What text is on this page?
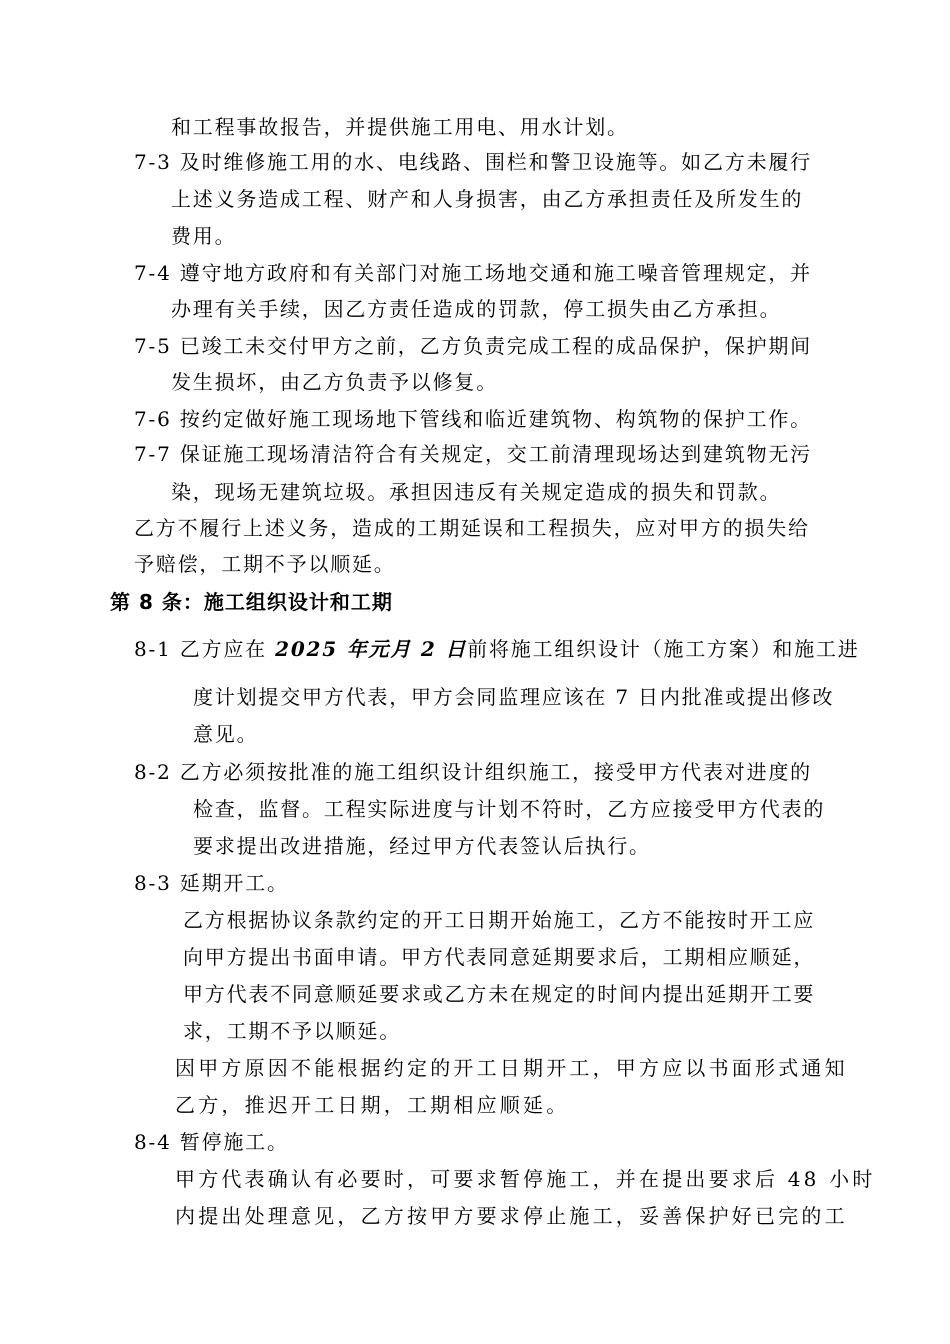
和工程事故报告，并提供施工用电、用水计划。
7-3 及时维修施工用的水、电线路、围栏和警卫设施等。如乙方未履行
上述义务造成工程、财产和人身损害，由乙方承担责任及所发生的
费用。
7-4 遵守地方政府和有关部门对施工场地交通和施工噪音管理规定，并
办理有关手续，因乙方责任造成的罚款，停工损失由乙方承担。
7-5 已竣工未交付甲方之前，乙方负责完成工程的成品保护，保护期间
发生损坏，由乙方负责予以修复。
7-6 按约定做好施工现场地下管线和临近建筑物、构筑物的保护工作。
7-7 保证施工现场清洁符合有关规定，交工前清理现场达到建筑物无污
染，现场无建筑垃圾。承担因违反有关规定造成的损失和罚款。
乙方不履行上述义务，造成的工期延误和工程损失，应对甲方的损失给
予赔偿，工期不予以顺延。
第 8 条：施工组织设计和工期
8-1 乙方应在 2025 年元月 2 日前将施工组织设计（施工方案）和施工进
度计划提交甲方代表，甲方会同监理应该在 7 日内批准或提出修改
意见。
8-2 乙方必须按批准的施工组织设计组织施工，接受甲方代表对进度的
检查，监督。工程实际进度与计划不符时，乙方应接受甲方代表的
要求提出改进措施，经过甲方代表签认后执行。
8-3 延期开工。
乙方根据协议条款约定的开工日期开始施工，乙方不能按时开工应
向甲方提出书面申请。甲方代表同意延期要求后，工期相应顺延，
甲方代表不同意顺延要求或乙方未在规定的时间内提出延期开工要
求，工期不予以顺延。
因甲方原因不能根据约定的开工日期开工，甲方应以书面形式通知
乙方，推迟开工日期，工期相应顺延。
8-4 暂停施工。
甲方代表确认有必要时，可要求暂停施工，并在提出要求后 48 小时
内提出处理意见，乙方按甲方要求停止施工，妥善保护好已完的工
